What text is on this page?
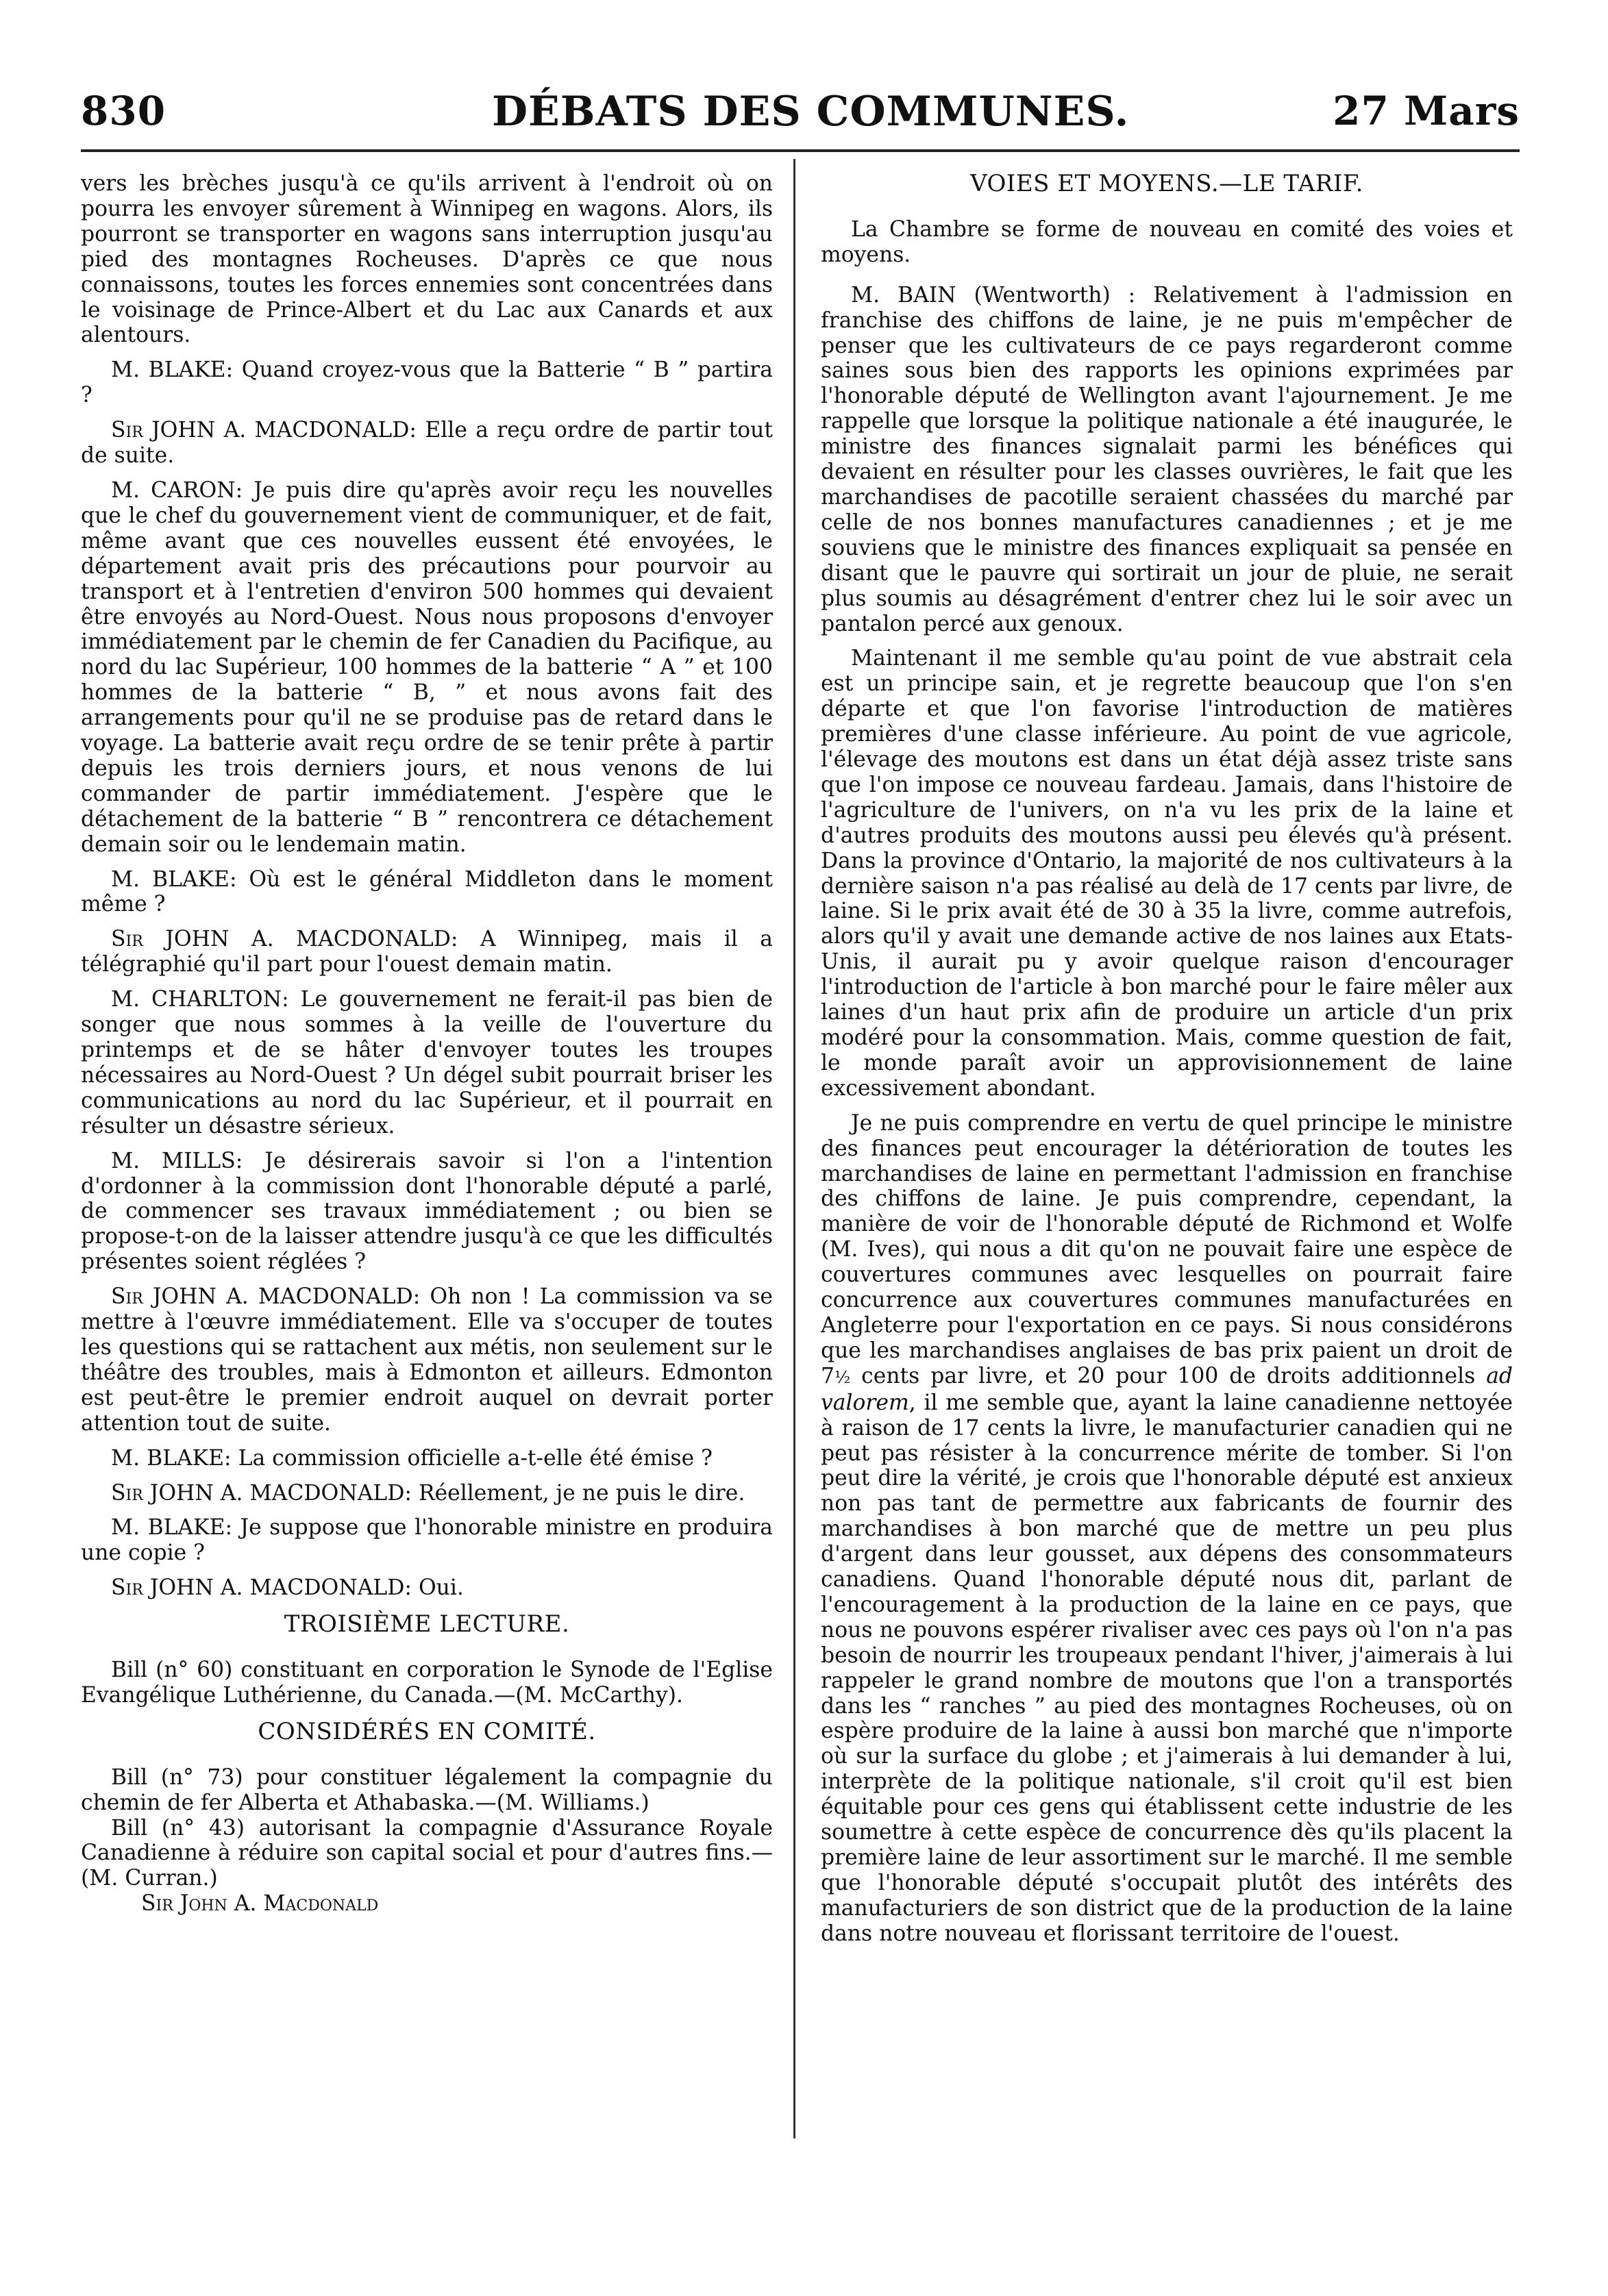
830	DÉBATS DES COMMUNES.	27 Mars

vers les brèches jusqu'à ce qu'ils arrivent à l'endroit où on pourra les envoyer sûrement à Winnipeg en wagons. Alors, ils pourront se transporter en wagons sans interruption jusqu'au pied des montagnes Rocheuses. D'après ce que nous connaissons, toutes les forces ennemies sont concentrées dans le voisinage de Prince-Albert et du Lac aux Canards et aux alentours.

M. BLAKE: Quand croyez-vous que la Batterie “ B ” partira ?

Sir JOHN A. MACDONALD: Elle a reçu ordre de partir tout de suite.

M. CARON: Je puis dire qu'après avoir reçu les nouvelles que le chef du gouvernement vient de communiquer, et de fait, même avant que ces nouvelles eussent été envoyées, le département avait pris des précautions pour pourvoir au transport et à l'entretien d'environ 500 hommes qui devaient être envoyés au Nord-Ouest. Nous nous proposons d'envoyer immédiatement par le chemin de fer Canadien du Pacifique, au nord du lac Supérieur, 100 hommes de la batterie “ A ” et 100 hommes de la batterie “ B, ” et nous avons fait des arrangements pour qu'il ne se produise pas de retard dans le voyage. La batterie avait reçu ordre de se tenir prête à partir depuis les trois derniers jours, et nous venons de lui commander de partir immédiatement. J'espère que le détachement de la batterie “ B ” rencontrera ce détachement demain soir ou le lendemain matin.

M. BLAKE: Où est le général Middleton dans le moment même ?

Sir JOHN A. MACDONALD: A Winnipeg, mais il a télégraphié qu'il part pour l'ouest demain matin.

M. CHARLTON: Le gouvernement ne ferait-il pas bien de songer que nous sommes à la veille de l'ouverture du printemps et de se hâter d'envoyer toutes les troupes nécessaires au Nord-Ouest ? Un dégel subit pourrait briser les communications au nord du lac Supérieur, et il pourrait en résulter un désastre sérieux.

M. MILLS: Je désirerais savoir si l'on a l'intention d'ordonner à la commission dont l'honorable député a parlé, de commencer ses travaux immédiatement ; ou bien se propose-t-on de la laisser attendre jusqu'à ce que les difficultés présentes soient réglées ?

Sir JOHN A. MACDONALD: Oh non ! La commission va se mettre à l'œuvre immédiatement. Elle va s'occuper de toutes les questions qui se rattachent aux métis, non seulement sur le théâtre des troubles, mais à Edmonton et ailleurs. Edmonton est peut-être le premier endroit auquel on devrait porter attention tout de suite.

M. BLAKE: La commission officielle a-t-elle été émise ?

Sir JOHN A. MACDONALD: Réellement, je ne puis le dire.

M. BLAKE: Je suppose que l'honorable ministre en produira une copie ?

Sir JOHN A. MACDONALD: Oui.

TROISIÈME LECTURE.

Bill (n° 60) constituant en corporation le Synode de l'Eglise Evangélique Luthérienne, du Canada.—(M. McCarthy).

CONSIDÉRÉS EN COMITÉ.

Bill (n° 73) pour constituer légalement la compagnie du chemin de fer Alberta et Athabaska.—(M. Williams.)

Bill (n° 43) autorisant la compagnie d'Assurance Royale Canadienne à réduire son capital social et pour d'autres fins.—(M. Curran.)

Sir John A. Macdonald

VOIES ET MOYENS.—LE TARIF.

La Chambre se forme de nouveau en comité des voies et moyens.

M. BAIN (Wentworth) : Relativement à l'admission en franchise des chiffons de laine, je ne puis m'empêcher de penser que les cultivateurs de ce pays regarderont comme saines sous bien des rapports les opinions exprimées par l'honorable député de Wellington avant l'ajournement. Je me rappelle que lorsque la politique nationale a été inaugurée, le ministre des finances signalait parmi les bénéfices qui devaient en résulter pour les classes ouvrières, le fait que les marchandises de pacotille seraient chassées du marché par celle de nos bonnes manufactures canadiennes ; et je me souviens que le ministre des finances expliquait sa pensée en disant que le pauvre qui sortirait un jour de pluie, ne serait plus soumis au désagrément d'entrer chez lui le soir avec un pantalon percé aux genoux.

Maintenant il me semble qu'au point de vue abstrait cela est un principe sain, et je regrette beaucoup que l'on s'en départe et que l'on favorise l'introduction de matières premières d'une classe inférieure. Au point de vue agricole, l'élevage des moutons est dans un état déjà assez triste sans que l'on impose ce nouveau fardeau. Jamais, dans l'histoire de l'agriculture de l'univers, on n'a vu les prix de la laine et d'autres produits des moutons aussi peu élevés qu'à présent. Dans la province d'Ontario, la majorité de nos cultivateurs à la dernière saison n'a pas réalisé au delà de 17 cents par livre, de laine. Si le prix avait été de 30 à 35 la livre, comme autrefois, alors qu'il y avait une demande active de nos laines aux Etats-Unis, il aurait pu y avoir quelque raison d'encourager l'introduction de l'article à bon marché pour le faire mêler aux laines d'un haut prix afin de produire un article d'un prix modéré pour la consommation. Mais, comme question de fait, le monde paraît avoir un approvisionnement de laine excessivement abondant.

Je ne puis comprendre en vertu de quel principe le ministre des finances peut encourager la détérioration de toutes les marchandises de laine en permettant l'admission en franchise des chiffons de laine. Je puis comprendre, cependant, la manière de voir de l'honorable député de Richmond et Wolfe (M. Ives), qui nous a dit qu'on ne pouvait faire une espèce de couvertures communes avec lesquelles on pourrait faire concurrence aux couvertures communes manufacturées en Angleterre pour l'exportation en ce pays. Si nous considérons que les marchandises anglaises de bas prix paient un droit de 7½ cents par livre, et 20 pour 100 de droits additionnels ad valorem, il me semble que, ayant la laine canadienne nettoyée à raison de 17 cents la livre, le manufacturier canadien qui ne peut pas résister à la concurrence mérite de tomber. Si l'on peut dire la vérité, je crois que l'honorable député est anxieux non pas tant de permettre aux fabricants de fournir des marchandises à bon marché que de mettre un peu plus d'argent dans leur gousset, aux dépens des consommateurs canadiens. Quand l'honorable député nous dit, parlant de l'encouragement à la production de la laine en ce pays, que nous ne pouvons espérer rivaliser avec ces pays où l'on n'a pas besoin de nourrir les troupeaux pendant l'hiver, j'aimerais à lui rappeler le grand nombre de moutons que l'on a transportés dans les “ ranches ” au pied des montagnes Rocheuses, où on espère produire de la laine à aussi bon marché que n'importe où sur la surface du globe ; et j'aimerais à lui demander à lui, interprète de la politique nationale, s'il croit qu'il est bien équitable pour ces gens qui établissent cette industrie de les soumettre à cette espèce de concurrence dès qu'ils placent la première laine de leur assortiment sur le marché. Il me semble que l'honorable député s'occupait plutôt des intérêts des manufacturiers de son district que de la production de la laine dans notre nouveau et florissant territoire de l'ouest.
